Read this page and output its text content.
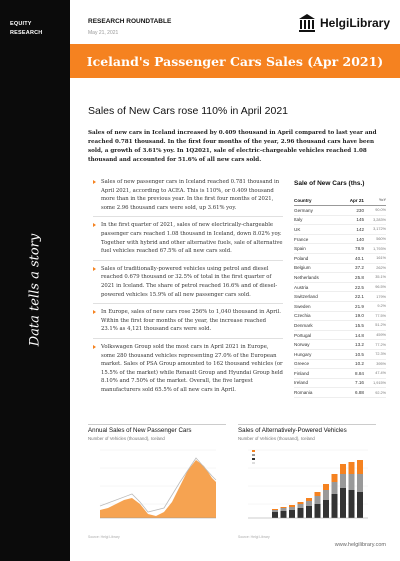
EQUITY
RESEARCH
Data tells a story
RESEARCH ROUNDTABLE
May 21, 2021
HelgiLibrary
Iceland's Passenger Cars Sales (Apr 2021)
Sales of New Cars rose 110% in April 2021

Sales of new cars in Iceland increased by 0.409 thousand in April compared to last year and reached 0.781 thousand. In the first four months of the year, 2.96 thousand cars have been sold, a growth of 3.61% yoy. In 1Q2021, sale of electric-chargeable vehicles reached 1.08 thousand and accounted for 51.6% of all new cars sold.

Sales of new passenger cars in Iceland reached 0.781 thousand in April 2021, according to ACEA. This is 110%, or 0.409 thousand more than in the previous year. In the first four months of 2021, some 2.96 thousand cars were sold, up 3.61% yoy.

In the first quarter of 2021, sales of new electrically-chargeable passenger cars reached 1.08 thousand in Iceland, down 8.02% yoy. Together with hybrid and other alternative fuels, sale of alternative fuel vehicles reached 67.5% of all new cars sold.

Sales of traditionally-powered vehicles using petrol and diesel reached 0.679 thousand or 32.5% of total in the first quarter of 2021 in Iceland. The share of petrol reached 16.6% and of diesel-powered vehicles 15.9% of all new passenger cars sold.

In Europe, sales of new cars rose 256% to 1,040 thousand in April. Within the first four months of the year, the increase reached 23.1% as 4,121 thousand cars were sold.

Volkswagen Group sold the most cars in April 2021 in Europe, some 280 thousand vehicles representing 27.0% of the European market. Sales of PSA Group amounted to 162 thousand vehicles (or 15.5% of the market) while Renault Group and Hyundai Group held 8.10% and 7.50% of the market. Overall, the five largest manufacturers sold 65.5% of all new cars in April.

Sale of New Cars (ths.)
Country	Apr 21	YoY
Germany	230	90.0%
Italy	145	3,283%
UK	142	3,172%
France	140	560%
Spain	78.9	1,793%
Poland	40.1	161%
Belgium	37.2	262%
Netherlands	25.8	35.1%
Austria	22.5	96.5%
Switzerland	22.1	179%
Sweden	21.9	9.2%
Czechia	19.0	77.5%
Denmark	15.5	51.2%
Portugal	14.8	459%
Norway	13.2	77.2%
Hungary	10.5	72.3%
Greece	10.2	395%
Finland	8.84	47.4%
Ireland	7.16	1,915%
Romania	6.88	92.2%
Annual Sales of New Passenger Cars
Number of Vehicles (thousand), Iceland
Source: Helgi Library
Sales of Alternatively-Powered Vehicles
Number of Vehicles (thousand), Iceland
Source: Helgi Library
www.helgilibrary.com
